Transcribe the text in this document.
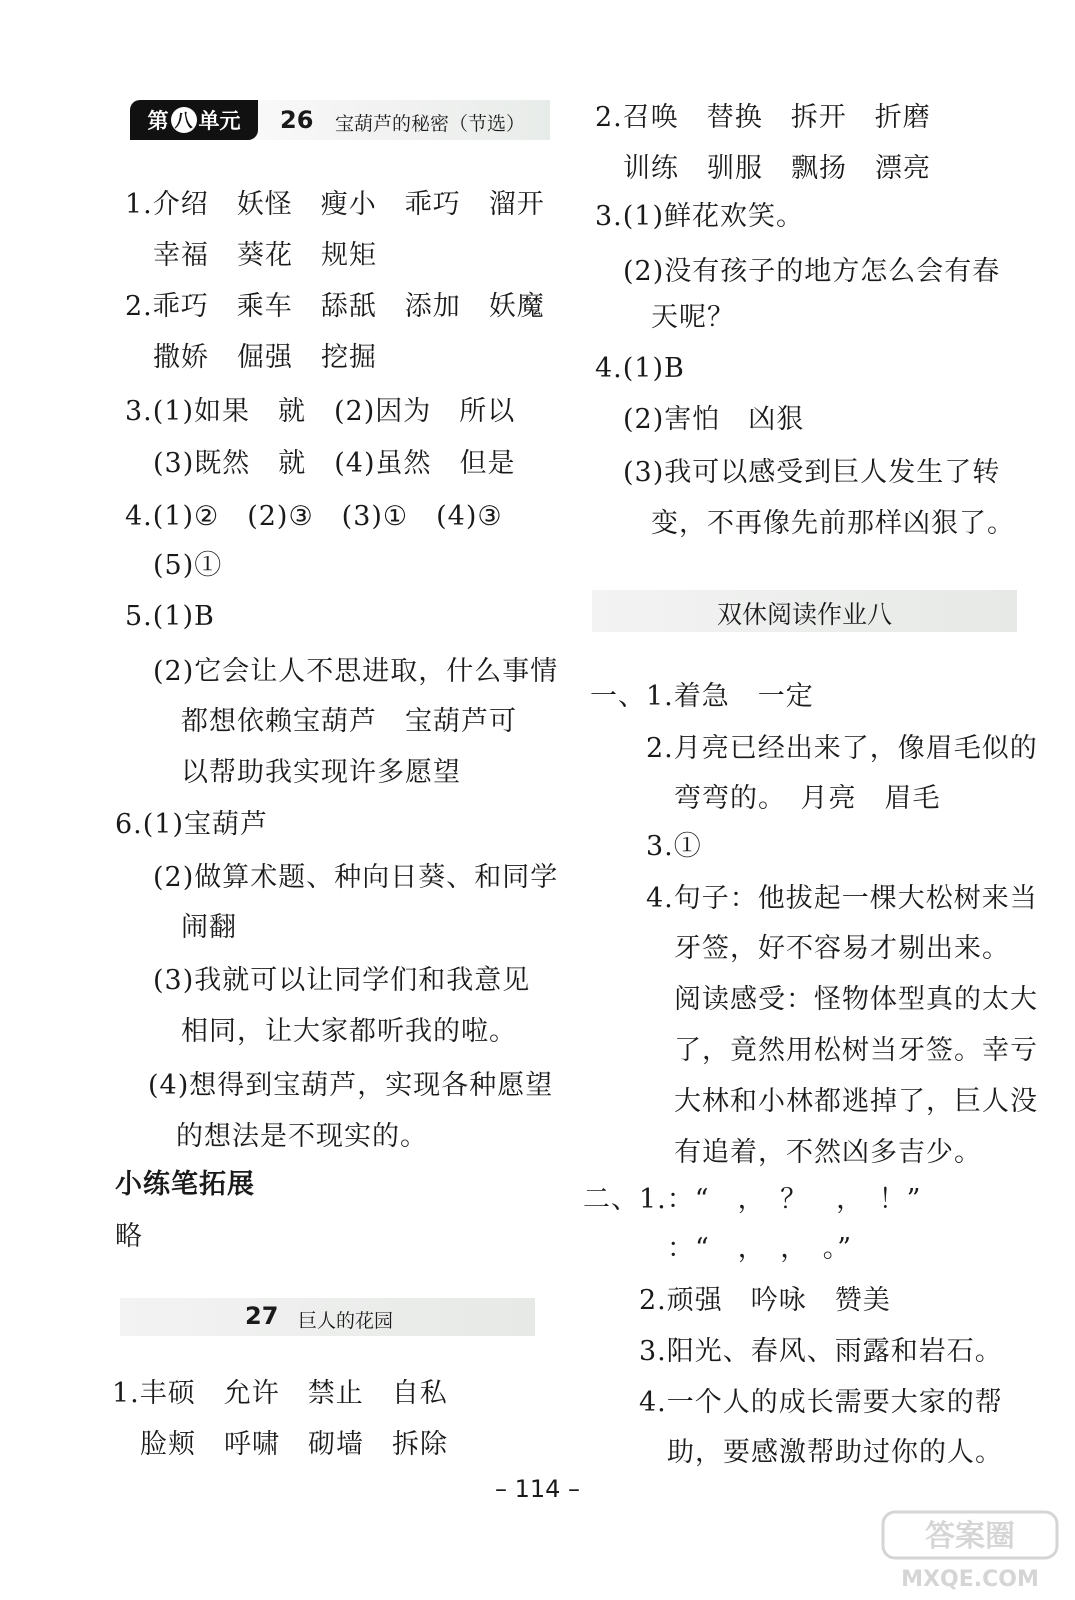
第 八 单元 26 宝葫芦的秘密（节选）
1.介绍　妖怪　瘦小　乖巧　溜开
　幸福　葵花　规矩
2.乖巧　乘车　舔舐　添加　妖魔
　撒娇　倔强　挖掘
3.(1)如果　就　(2)因为　所以
　(3)既然　就　(4)虽然　但是
4.(1)②　(2)③　(3)①　(4)③
　(5)①
5.(1)B
　(2)它会让人不思进取，什么事情
　　都想依赖宝葫芦　宝葫芦可
　　以帮助我实现许多愿望
6.(1)宝葫芦
　(2)做算术题、种向日葵、和同学
　　闹翻
　(3)我就可以让同学们和我意见
　　相同，让大家都听我的啦。
　(4)想得到宝葫芦，实现各种愿望
　　的想法是不现实的。
小练笔拓展
略
27 巨人的花园
1.丰硕　允许　禁止　自私
　脸颊　呼啸　砌墙　拆除
2.召唤　替换　拆开　折磨
　训练　驯服　飘扬　漂亮
3.(1)鲜花欢笑。
　(2)没有孩子的地方怎么会有春
　　天呢？
4.(1)B
　(2)害怕　凶狠
　(3)我可以感受到巨人发生了转
　　变，不再像先前那样凶狠了。
双休阅读作业八
一、1.着急　一定
　　2.月亮已经出来了，像眉毛似的
　　　弯弯的。　月亮　眉毛
　　3.①
　　4.句子：他拔起一棵大松树来当
　　　牙签，好不容易才剔出来。
　　　阅读感受：怪物体型真的太大
　　　了，竟然用松树当牙签。幸亏
　　　大林和小林都逃掉了，巨人没
　　　有追着，不然凶多吉少。
二、1.：“　，　？　，　！”
　　　：“　，　，　。”
　　2.顽强　吟咏　赞美
　　3.阳光、春风、雨露和岩石。
　　4.一个人的成长需要大家的帮
　　　助，要感激帮助过你的人。
– 114 –
答案圈
MXQE.COM
